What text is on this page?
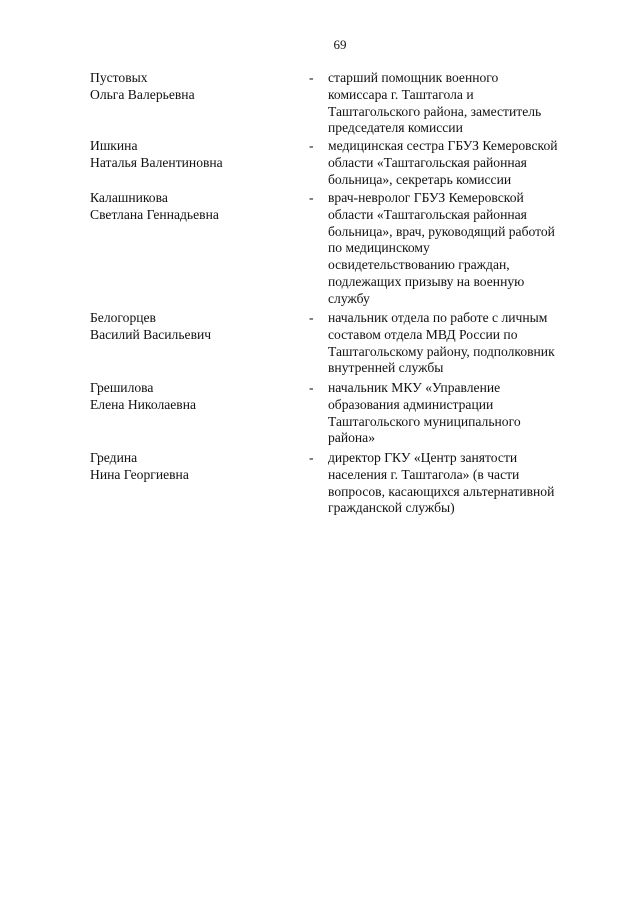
69
Пустовых
Ольга Валерьевна
- старший помощник военного
комиссара г. Таштагола и
Таштагольского района, заместитель
председателя комиссии
Ишкина
Наталья Валентиновна
- медицинская сестра ГБУЗ Кемеровской
области «Таштагольская районная
больница», секретарь комиссии
Калашникова
Светлана Геннадьевна
- врач-невролог ГБУЗ Кемеровской
области «Таштагольская районная
больница», врач, руководящий работой
по медицинскому
освидетельствованию граждан,
подлежащих призыву на военную
службу
Белогорцев
Василий Васильевич
- начальник отдела по работе с личным
составом отдела МВД России по
Таштагольскому району, подполковник
внутренней службы
Грешилова
Елена Николаевна
- начальник МКУ «Управление
образования администрации
Таштагольского муниципального
района»
Гредина
Нина Георгиевна
- директор ГКУ «Центр занятости
населения г. Таштагола» (в части
вопросов, касающихся альтернативной
гражданской службы)
